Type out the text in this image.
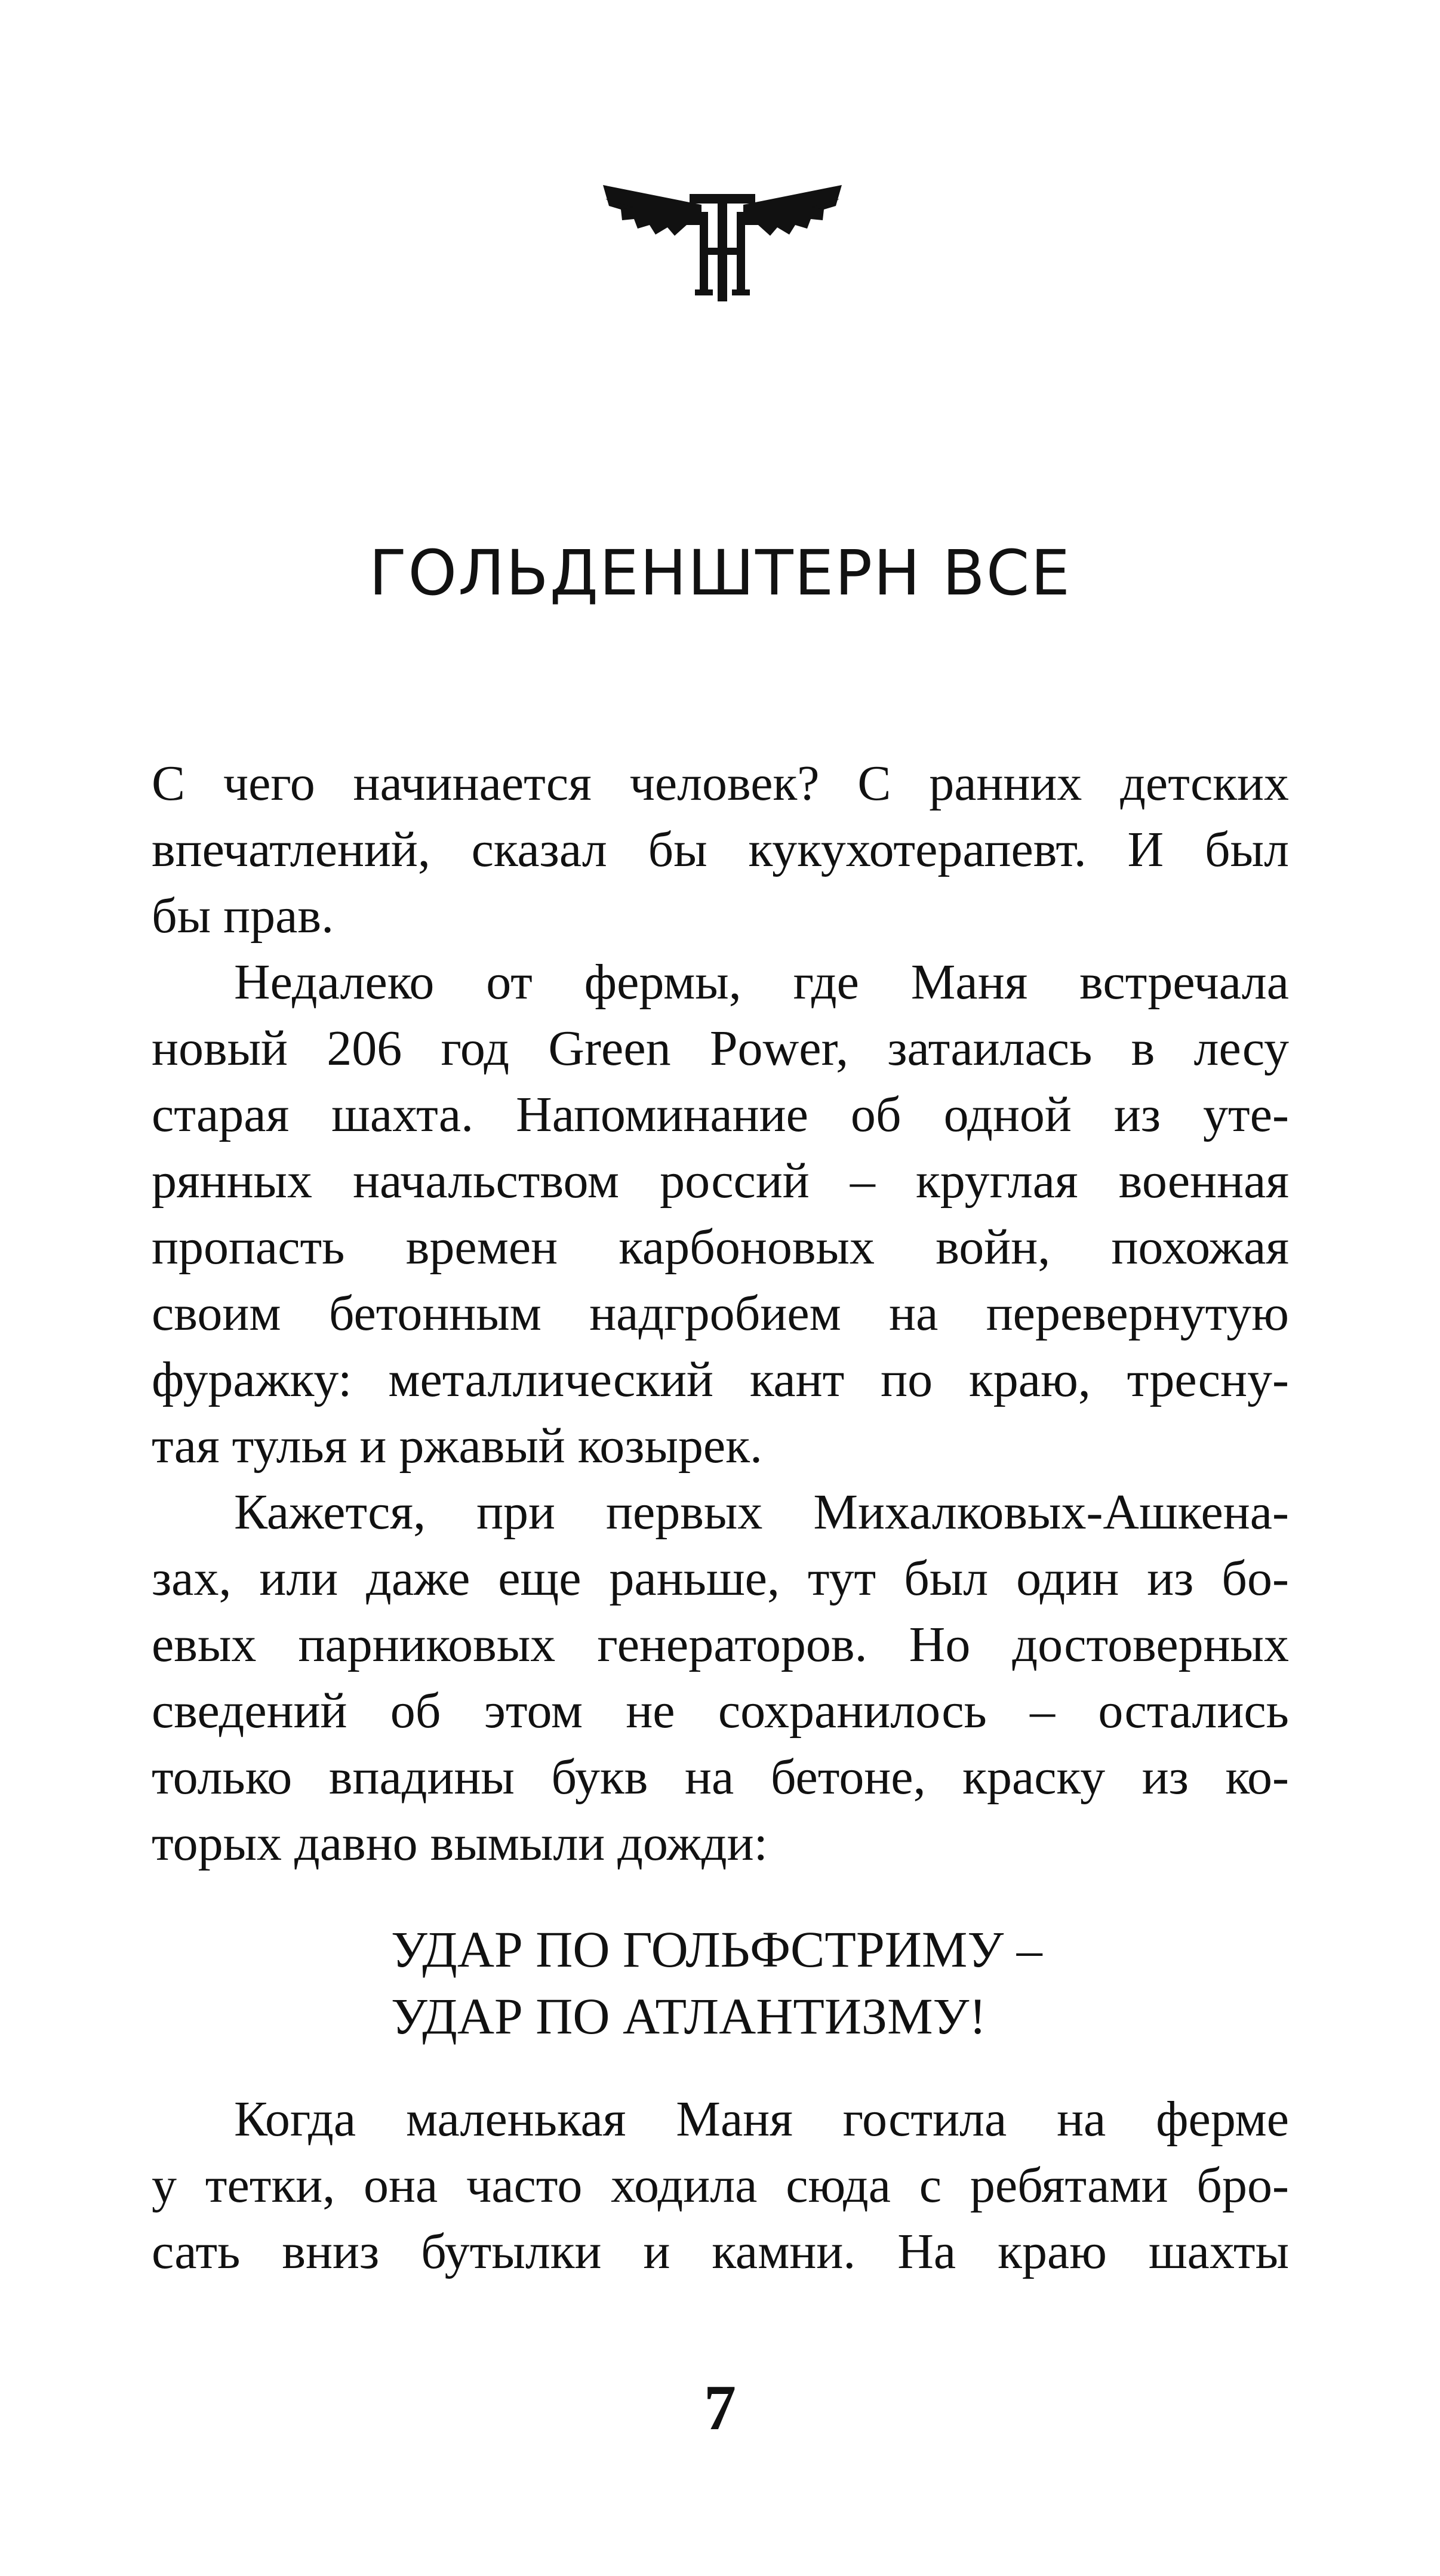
ГОЛЬДЕНШТЕРН ВСЕ
С чего начинается человек? С ранних детских
впечатлений, сказал бы кукухотерапевт. И был
бы прав.
Недалеко от фермы, где Маня встречала
новый 206 год Green Power, затаилась в лесу
старая шахта. Напоминание об одной из уте-
рянных начальством россий – круглая военная
пропасть времен карбоновых войн, похожая
своим бетонным надгробием на перевернутую
фуражку: металлический кант по краю, тресну-
тая тулья и ржавый козырек.
Кажется, при первых Михалковых-Ашкена-
зах, или даже еще раньше, тут был один из бо-
евых парниковых генераторов. Но достоверных
сведений об этом не сохранилось – остались
только впадины букв на бетоне, краску из ко-
торых давно вымыли дожди:
УДАР ПО ГОЛЬФСТРИМУ –
УДАР ПО АТЛАНТИЗМУ!
Когда маленькая Маня гостила на ферме
у тетки, она часто ходила сюда с ребятами бро-
сать вниз бутылки и камни. На краю шахты
7
